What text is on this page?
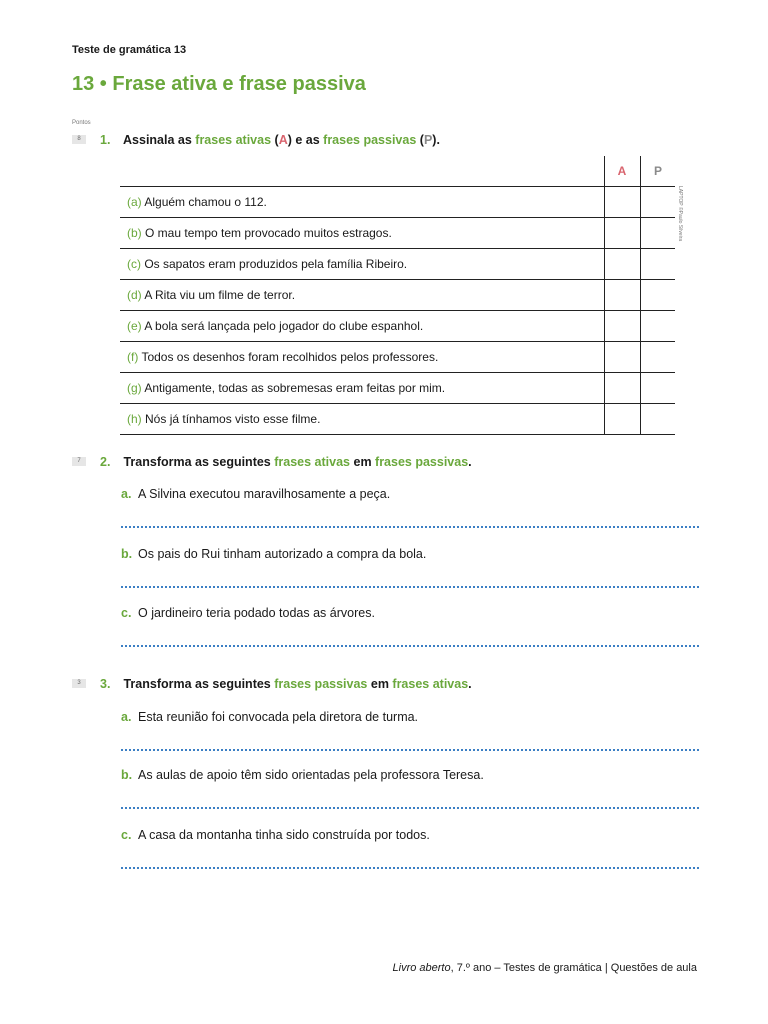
Teste de gramática 13
13 • Frase ativa e frase passiva
Pontos
LAPTOP ©Paulo Silveira
8	1. Assinala as frases ativas (A) e as frases passivas (P).
A	P
(a) Alguém chamou o 112.
(b) O mau tempo tem provocado muitos estragos.
(c) Os sapatos eram produzidos pela família Ribeiro.
(d) A Rita viu um filme de terror.
(e) A bola será lançada pelo jogador do clube espanhol.
(f) Todos os desenhos foram recolhidos pelos professores.
(g) Antigamente, todas as sobremesas eram feitas por mim.
(h) Nós já tínhamos visto esse filme.
7	2. Transforma as seguintes frases ativas em frases passivas.
a. A Silvina executou maravilhosamente a peça.
b. Os pais do Rui tinham autorizado a compra da bola.
c. O jardineiro teria podado todas as árvores.
3	3. Transforma as seguintes frases passivas em frases ativas.
a. Esta reunião foi convocada pela diretora de turma.
b. As aulas de apoio têm sido orientadas pela professora Teresa.
c. A casa da montanha tinha sido construída por todos.
Livro aberto, 7.º ano – Testes de gramática | Questões de aula
